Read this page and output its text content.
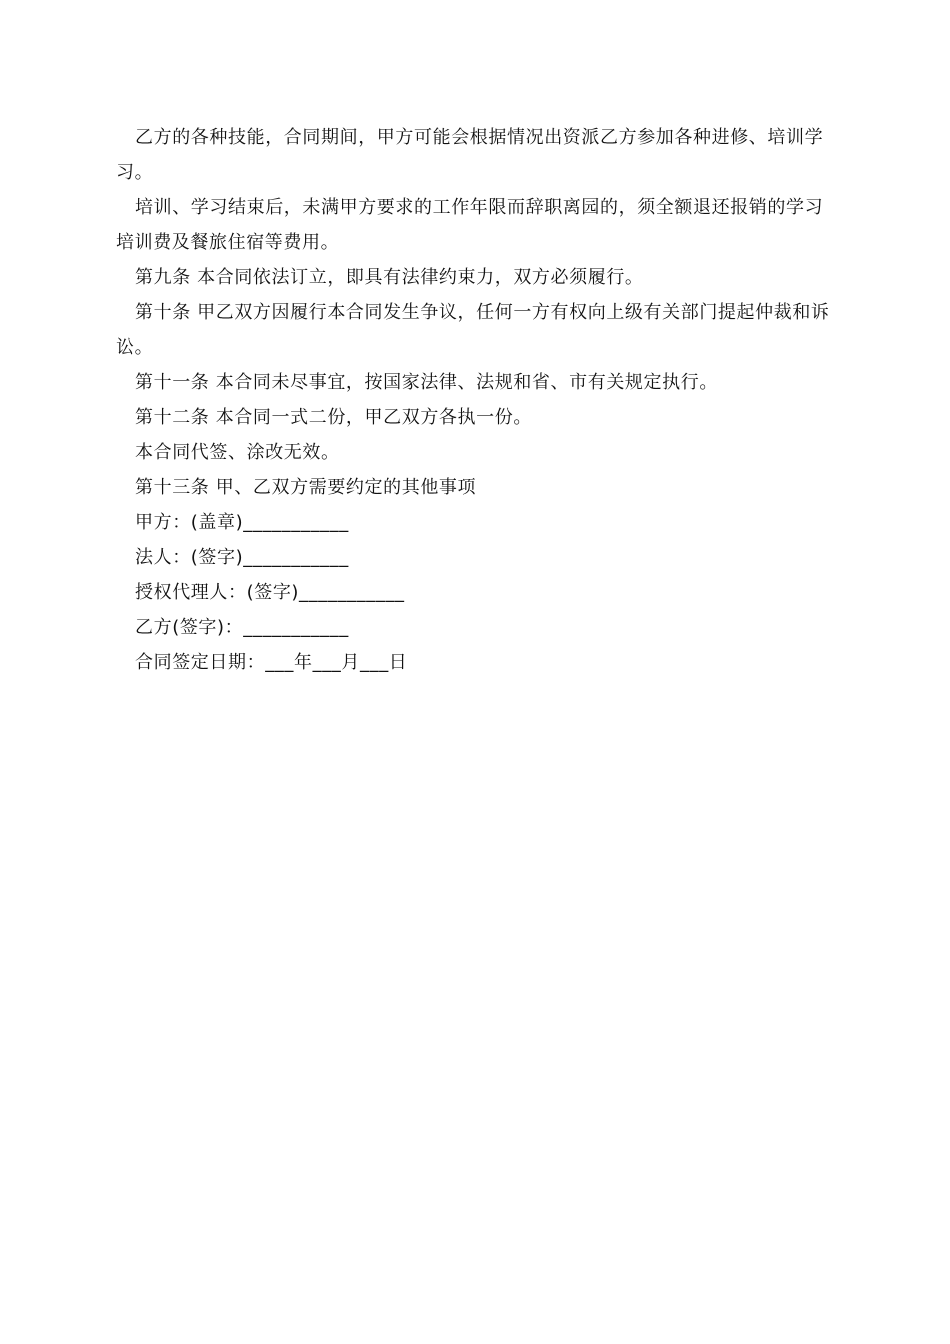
乙方的各种技能，合同期间，甲方可能会根据情况出资派乙方参加各种进修、培训学习。

培训、学习结束后，未满甲方要求的工作年限而辞职离园的，须全额退还报销的学习培训费及餐旅住宿等费用。

第九条 本合同依法订立，即具有法律约束力，双方必须履行。

第十条 甲乙双方因履行本合同发生争议，任何一方有权向上级有关部门提起仲裁和诉讼。

第十一条 本合同未尽事宜，按国家法律、法规和省、市有关规定执行。

第十二条 本合同一式二份，甲乙双方各执一份。

本合同代签、涂改无效。

第十三条 甲、乙双方需要约定的其他事项

甲方：(盖章)___________

法人：(签字)___________

授权代理人：(签字)___________

乙方(签字)：___________

合同签定日期：___年___月___日
